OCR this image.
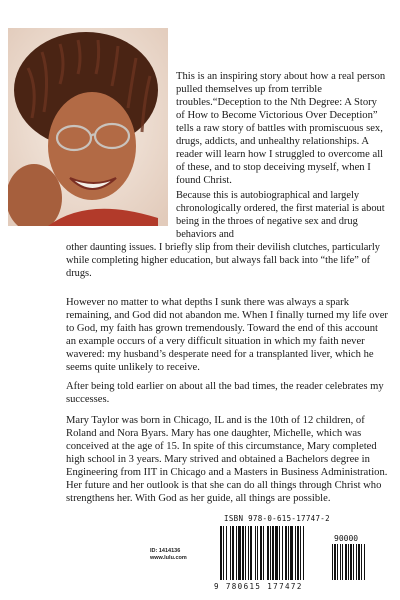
This is an inspiring story about how a real person pulled themselves up from terrible troubles.“Deception to the Nth Degree: A Story of How to Become Victorious Over Deception” tells a raw story of battles with promiscuous sex, drugs, addicts, and unhealthy relationships. A reader will learn how I struggled to overcome all of these, and to stop deceiving myself, when I found Christ.

Because this is autobiographical and largely chronologically ordered, the first material is about being in the throes of negative sex and drug behaviors and
other daunting issues. I briefly slip from their devilish clutches, particularly while completing higher education, but always fall back into “the life” of drugs.

However no matter to what depths I sunk there was always a spark remaining, and God did not abandon me. When I finally turned my life over to God, my faith has grown tremendously. Toward the end of this account an example occurs of a very difficult situation in which my faith never wavered: my husband’s desperate need for a transplanted liver, which he seems quite unlikely to receive.

After being told earlier on about all the bad times, the reader celebrates my successes.

Mary Taylor was born in Chicago, IL and is the 10th of 12 children, of Roland and Nora Byars. Mary has one daughter, Michelle, which was conceived at the age of 15. In spite of this circumstance, Mary completed high school in 3 years. Mary strived and obtained a Bachelors degree in Engineering from IIT in Chicago and a Masters in Business Administration. Her future and her outlook is that she can do all things through Christ who strengthens her. With God as her guide, all things are possible.

ID: 1414136
www.lulu.com
ISBN 978-0-615-17747-2
90000
9 780615 177472
